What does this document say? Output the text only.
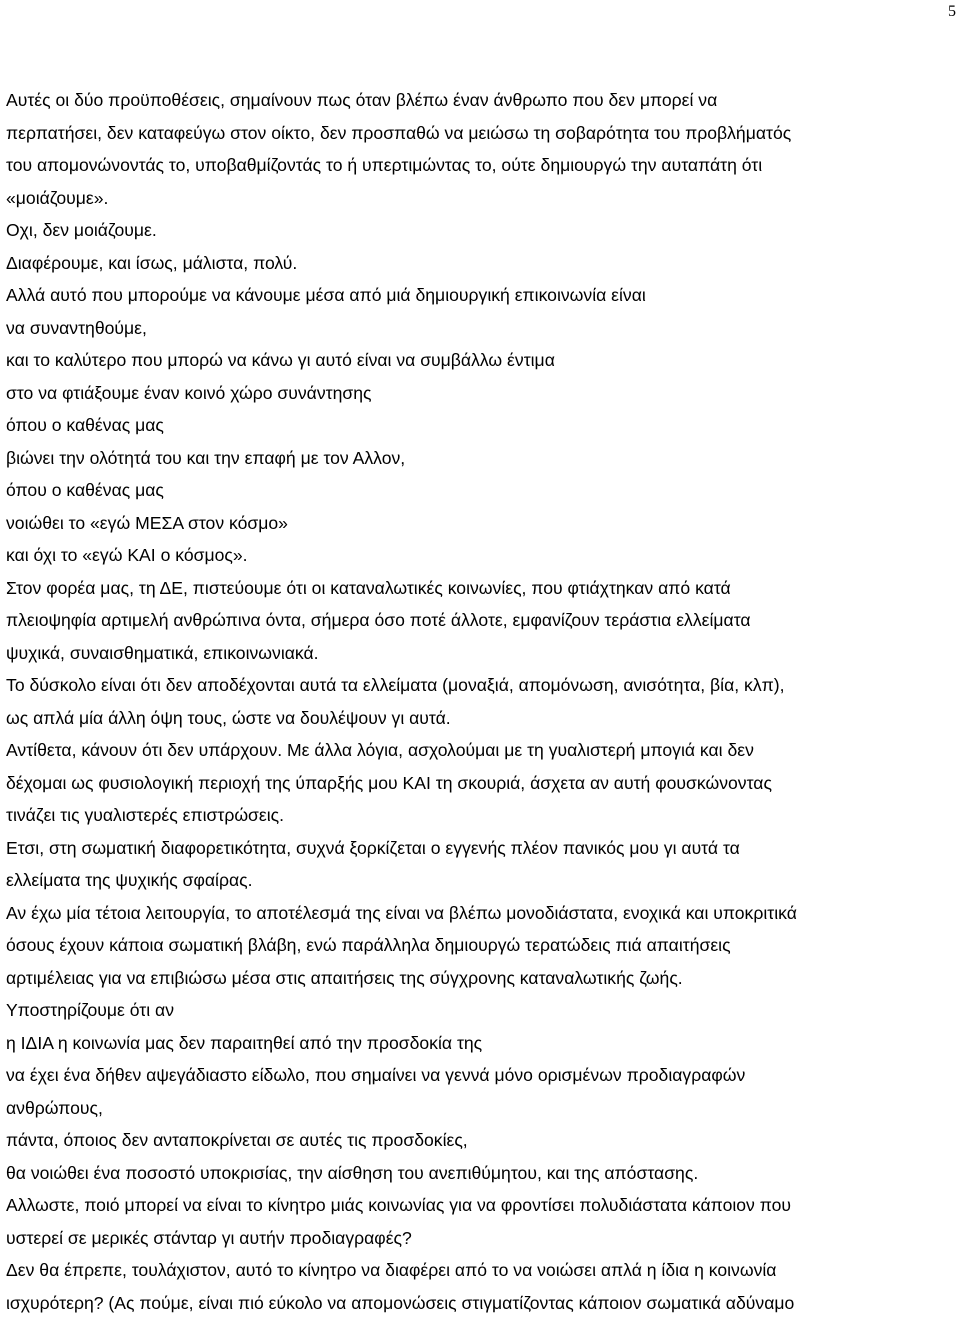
5

Αυτές οι δύο προϋποθέσεις, σημαίνουν πως όταν βλέπω έναν άνθρωπο που δεν μπορεί να

περπατήσει, δεν καταφεύγω στον οίκτο, δεν προσπαθώ να μειώσω τη σοβαρότητα του προβλήματός

του απομονώνοντάς το, υποβαθμίζοντάς το ή υπερτιμώντας το, ούτε δημιουργώ την αυταπάτη ότι

«μοιάζουμε».

Οχι, δεν μοιάζουμε.

Διαφέρουμε, και ίσως, μάλιστα, πολύ.

Αλλά αυτό που μπορούμε να κάνουμε μέσα από μιά δημιουργική επικοινωνία είναι

να συναντηθούμε,

και το καλύτερο που μπορώ να κάνω γι αυτό είναι να συμβάλλω έντιμα

στο να φτιάξουμε έναν κοινό χώρο συνάντησης

όπου ο καθένας μας

βιώνει την ολότητά του και την επαφή με τον Αλλον,

όπου ο καθένας μας

νοιώθει το «εγώ ΜΕΣΑ στον κόσμο»

και όχι το «εγώ ΚΑΙ ο κόσμος».

Στον φορέα μας, τη ΔΕ, πιστεύουμε ότι οι καταναλωτικές κοινωνίες, που φτιάχτηκαν από κατά

πλειοψηφία αρτιμελή ανθρώπινα όντα, σήμερα όσο ποτέ άλλοτε, εμφανίζουν τεράστια ελλείματα

ψυχικά, συναισθηματικά, επικοινωνιακά.

Το δύσκολο είναι ότι δεν αποδέχονται αυτά τα ελλείματα (μοναξιά, απομόνωση, ανισότητα, βία, κλπ),

ως απλά μία άλλη όψη τους, ώστε να δουλέψουν γι αυτά.

Αντίθετα, κάνουν ότι δεν υπάρχουν. Με άλλα λόγια, ασχολούμαι με τη γυαλιστερή μπογιά και δεν

δέχομαι ως φυσιολογική περιοχή της ύπαρξής μου ΚΑΙ τη σκουριά, άσχετα αν αυτή φουσκώνοντας

τινάζει τις γυαλιστερές επιστρώσεις.

Ετσι, στη σωματική διαφορετικότητα, συχνά ξορκίζεται ο εγγενής πλέον πανικός μου γι αυτά τα

ελλείματα της ψυχικής σφαίρας.

Αν έχω μία τέτοια λειτουργία, το αποτέλεσμά της είναι να βλέπω μονοδιάστατα, ενοχικά και υποκριτικά

όσους έχουν κάποια σωματική βλάβη, ενώ παράλληλα δημιουργώ τερατώδεις πιά απαιτήσεις

αρτιμέλειας για να επιβιώσω μέσα στις απαιτήσεις της σύγχρονης καταναλωτικής ζωής.

Υποστηρίζουμε ότι αν

η ΙΔΙΑ η κοινωνία μας δεν παραιτηθεί από την προσδοκία της

να έχει ένα δήθεν αψεγάδιαστο είδωλο, που σημαίνει να γεννά μόνο ορισμένων προδιαγραφών

ανθρώπους,

πάντα, όποιος δεν ανταποκρίνεται σε αυτές τις προσδοκίες,

θα νοιώθει ένα ποσοστό υποκρισίας, την αίσθηση του ανεπιθύμητου, και της απόστασης.

Αλλωστε, ποιό μπορεί να είναι το κίνητρο μιάς κοινωνίας για να φροντίσει πολυδιάστατα κάποιον που

υστερεί σε μερικές στάνταρ γι αυτήν προδιαγραφές?

Δεν θα έπρεπε, τουλάχιστον, αυτό το κίνητρο να διαφέρει από το να νοιώσει απλά η ίδια η κοινωνία

ισχυρότερη? (Ας πούμε, είναι πιό εύκολο να απομονώσεις στιγματίζοντας κάποιον σωματικά αδύναμο
